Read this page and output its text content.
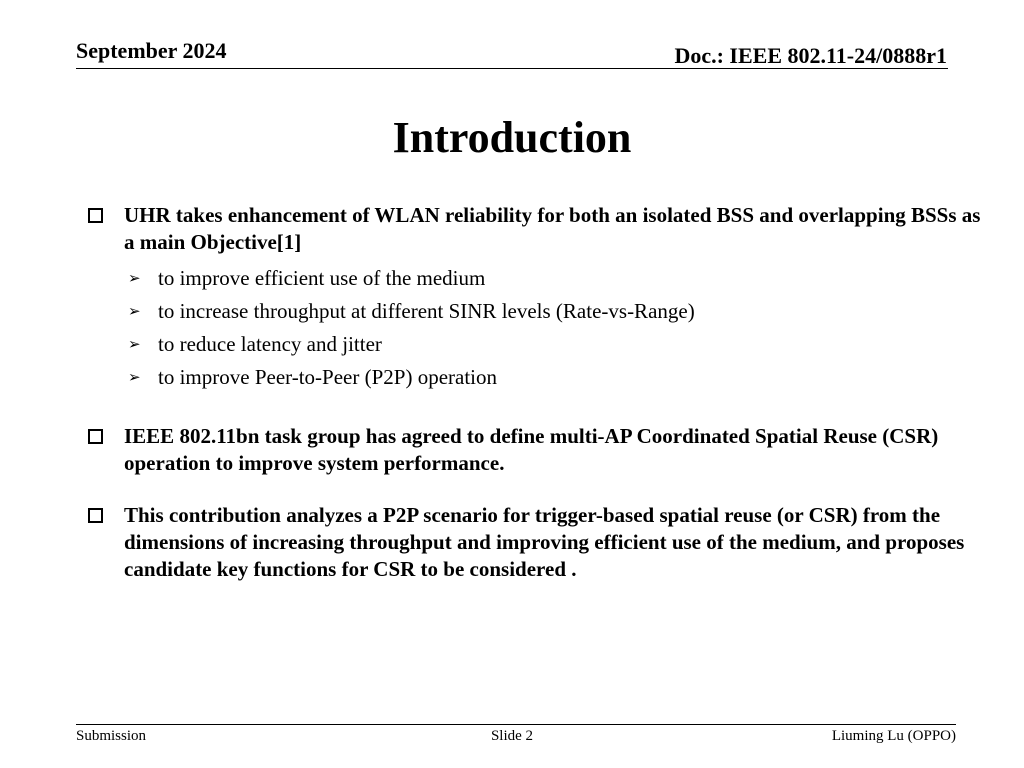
September 2024	Doc.: IEEE 802.11-24/0888r1
Introduction
UHR takes enhancement of WLAN reliability for both an isolated BSS and overlapping BSSs as a main Objective[1]
➢ to improve efficient use of the medium
➢ to increase throughput at different SINR levels (Rate-vs-Range)
➢ to reduce latency and jitter
➢ to improve Peer-to-Peer (P2P) operation
IEEE 802.11bn task group has agreed to define multi-AP Coordinated Spatial Reuse (CSR) operation to improve system performance.
This contribution analyzes a P2P scenario for trigger-based spatial reuse (or CSR) from the dimensions of increasing throughput and improving efficient use of the medium, and proposes candidate key functions for CSR to be considered .
Submission	Slide 2	Liuming Lu (OPPO)
